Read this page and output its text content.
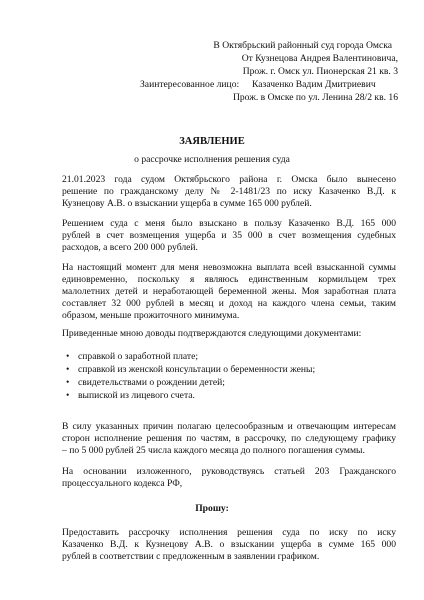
В Октябрьский районный суд города Омска
От Кузнецова Андрея Валентиновича,
Прож. г. Омск ул. Пионерская 21 кв. 3
Заинтересованное лицо: Казаченко Вадим Дмитриевич
Прож. в Омске по ул. Ленина 28/2 кв. 16
ЗАЯВЛЕНИЕ
о рассрочке исполнения решения суда
21.01.2023 года судом Октябрьского района г. Омска было вынесено
решение по гражданскому делу № 2-1481/23 по иску Казаченко В.Д. к
Кузнецову А.В. о взыскании ущерба в сумме 165 000 рублей.
Решением суда с меня было взыскано в пользу Казаченко В.Д. 165 000
рублей в счет возмещения ущерба и 35 000 в счет возмещения судебных
расходов, а всего 200 000 рублей.
На настоящий момент для меня невозможна выплата всей взысканной суммы
единовременно, поскольку я являюсь единственным кормильцем трех
малолетних детей и неработающей беременной жены. Моя заработная плата
составляет 32 000 рублей в месяц и доход на каждого члена семьи, таким
образом, меньше прожиточного минимума.
Приведенные мною доводы подтверждаются следующими документами:
• справкой о заработной плате;
• справкой из женской консультации о беременности жены;
• свидетельствами о рождении детей;
• выпиской из лицевого счета.
В силу указанных причин полагаю целесообразным и отвечающим интересам
сторон исполнение решения по частям, в рассрочку, по следующему графику
– по 5 000 рублей 25 числа каждого месяца до полного погашения суммы.
На основании изложенного, руководствуясь статьей 203 Гражданского
процессуального кодекса РФ,
Прошу:
Предоставить рассрочку исполнения решения суда по иску по иску
Казаченко В.Д. к Кузнецову А.В. о взыскании ущерба в сумме 165 000
рублей в соответствии с предложенным в заявлении графиком.
